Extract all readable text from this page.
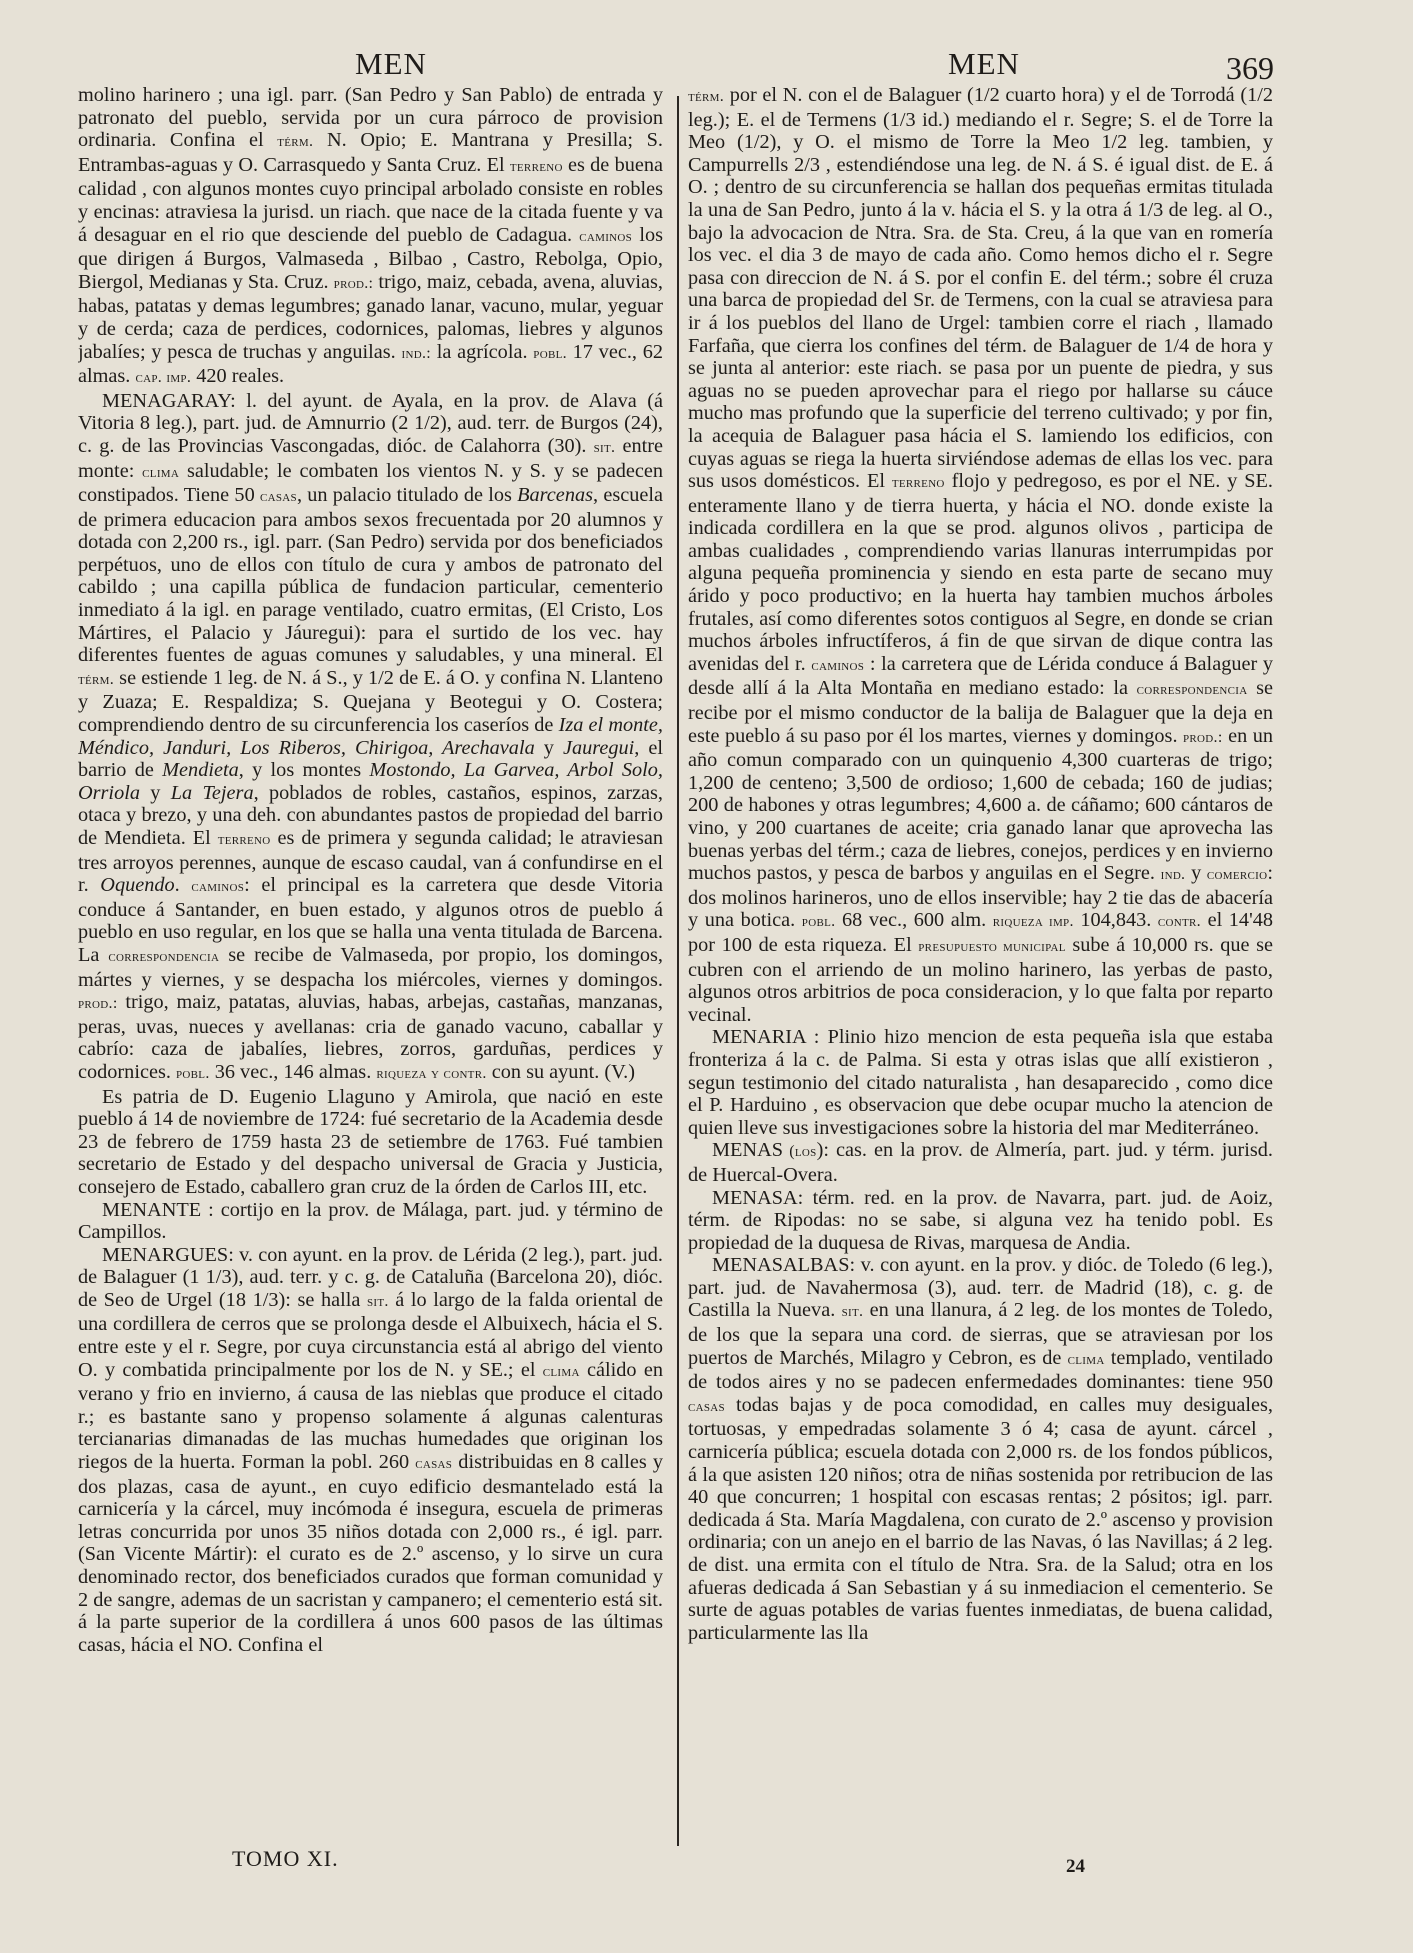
MEN	MEN	369

molino harinero ; una igl. parr. (San Pedro y San Pablo) de entrada y patronato del pueblo, servida por un cura párroco de provision ordinaria. Confina el térm. N. Opio; E. Mantrana y Presilla; S. Entrambas-aguas y O. Carrasquedo y Santa Cruz. El terreno es de buena calidad , con algunos montes cuyo principal arbolado consiste en robles y encinas: atraviesa la jurisd. un riach. que nace de la citada fuente y va á desaguar en el rio que desciende del pueblo de Cadagua. caminos los que dirigen á Burgos, Valmaseda , Bilbao , Castro, Rebolga, Opio, Biergol, Medianas y Sta. Cruz. prod.: trigo, maiz, cebada, avena, aluvias, habas, patatas y demas legumbres; ganado lanar, vacuno, mular, yeguar y de cerda; caza de perdices, codornices, palomas, liebres y algunos jabalíes; y pesca de truchas y anguilas. ind.: la agrícola. pobl. 17 vec., 62 almas. cap. imp. 420 reales.

MENAGARAY: l. del ayunt. de Ayala, en la prov. de Alava (á Vitoria 8 leg.), part. jud. de Amnurrio (2 1/2), aud. terr. de Burgos (24), c. g. de las Provincias Vascongadas, dióc. de Calahorra (30). sit. entre monte: clima saludable; le combaten los vientos N. y S. y se padecen constipados. Tiene 50 casas, un palacio titulado de los Barcenas, escuela de primera educacion para ambos sexos frecuentada por 20 alumnos y dotada con 2,200 rs., igl. parr. (San Pedro) servida por dos beneficiados perpétuos, uno de ellos con título de cura y ambos de patronato del cabildo ; una capilla pública de fundacion particular, cementerio inmediato á la igl. en parage ventilado, cuatro ermitas, (El Cristo, Los Mártires, el Palacio y Jáuregui): para el surtido de los vec. hay diferentes fuentes de aguas comunes y saludables, y una mineral. El térm. se estiende 1 leg. de N. á S., y 1/2 de E. á O. y confina N. Llanteno y Zuaza; E. Respaldiza; S. Quejana y Beotegui y O. Costera; comprendiendo dentro de su circunferencia los caseríos de Iza el monte, Méndico, Janduri, Los Riberos, Chirigoa, Arechavala y Jauregui, el barrio de Mendieta, y los montes Mostondo, La Garvea, Arbol Solo, Orriola y La Tejera, poblados de robles, castaños, espinos, zarzas, otaca y brezo, y una deh. con abundantes pastos de propiedad del barrio de Mendieta. El terreno es de primera y segunda calidad; le atraviesan tres arroyos perennes, aunque de escaso caudal, van á confundirse en el r. Oquendo. caminos: el principal es la carretera que desde Vitoria conduce á Santander, en buen estado, y algunos otros de pueblo á pueblo en uso regular, en los que se halla una venta titulada de Barcena. La correspondencia se recibe de Valmaseda, por propio, los domingos, mártes y viernes, y se despacha los miércoles, viernes y domingos. prod.: trigo, maiz, patatas, aluvias, habas, arbejas, castañas, manzanas, peras, uvas, nueces y avellanas: cria de ganado vacuno, caballar y cabrío: caza de jabalíes, liebres, zorros, garduñas, perdices y codornices. pobl. 36 vec., 146 almas. riqueza y contr. con su ayunt. (V.)

Es patria de D. Eugenio Llaguno y Amirola, que nació en este pueblo á 14 de noviembre de 1724: fué secretario de la Academia desde 23 de febrero de 1759 hasta 23 de setiembre de 1763. Fué tambien secretario de Estado y del despacho universal de Gracia y Justicia, consejero de Estado, caballero gran cruz de la órden de Carlos III, etc.

MENANTE : cortijo en la prov. de Málaga, part. jud. y término de Campillos.

MENARGUES: v. con ayunt. en la prov. de Lérida (2 leg.), part. jud. de Balaguer (1 1/3), aud. terr. y c. g. de Cataluña (Barcelona 20), dióc. de Seo de Urgel (18 1/3): se halla sit. á lo largo de la falda oriental de una cordillera de cerros que se prolonga desde el Albuixech, hácia el S. entre este y el r. Segre, por cuya circunstancia está al abrigo del viento O. y combatida principalmente por los de N. y SE.; el clima cálido en verano y frio en invierno, á causa de las nieblas que produce el citado r.; es bastante sano y propenso solamente á algunas calenturas tercianarias dimanadas de las muchas humedades que originan los riegos de la huerta. Forman la pobl. 260 casas distribuidas en 8 calles y dos plazas, casa de ayunt., en cuyo edificio desmantelado está la carnicería y la cárcel, muy incómoda é insegura, escuela de primeras letras concurrida por unos 35 niños dotada con 2,000 rs., é igl. parr. (San Vicente Mártir): el curato es de 2.º ascenso, y lo sirve un cura denominado rector, dos beneficiados curados que forman comunidad y 2 de sangre, ademas de un sacristan y campanero; el cementerio está sit. á la parte superior de la cordillera á unos 600 pasos de las últimas casas, hácia el NO. Confina el

térm. por el N. con el de Balaguer (1/2 cuarto hora) y el de Torrodá (1/2 leg.); E. el de Termens (1/3 id.) mediando el r. Segre; S. el de Torre la Meo (1/2), y O. el mismo de Torre la Meo 1/2 leg. tambien, y Campurrells 2/3 , estendiéndose una leg. de N. á S. é igual dist. de E. á O. ; dentro de su circunferencia se hallan dos pequeñas ermitas titulada la una de San Pedro, junto á la v. hácia el S. y la otra á 1/3 de leg. al O., bajo la advocacion de Ntra. Sra. de Sta. Creu, á la que van en romería los vec. el dia 3 de mayo de cada año. Como hemos dicho el r. Segre pasa con direccion de N. á S. por el confin E. del térm.; sobre él cruza una barca de propiedad del Sr. de Termens, con la cual se atraviesa para ir á los pueblos del llano de Urgel: tambien corre el riach , llamado Farfaña, que cierra los confines del térm. de Balaguer de 1/4 de hora y se junta al anterior: este riach. se pasa por un puente de piedra, y sus aguas no se pueden aprovechar para el riego por hallarse su cáuce mucho mas profundo que la superficie del terreno cultivado; y por fin, la acequia de Balaguer pasa hácia el S. lamiendo los edificios, con cuyas aguas se riega la huerta sirviéndose ademas de ellas los vec. para sus usos domésticos. El terreno flojo y pedregoso, es por el NE. y SE. enteramente llano y de tierra huerta, y hácia el NO. donde existe la indicada cordillera en la que se prod. algunos olivos , participa de ambas cualidades , comprendiendo varias llanuras interrumpidas por alguna pequeña prominencia y siendo en esta parte de secano muy árido y poco productivo; en la huerta hay tambien muchos árboles frutales, así como diferentes sotos contiguos al Segre, en donde se crian muchos árboles infructíferos, á fin de que sirvan de dique contra las avenidas del r. caminos : la carretera que de Lérida conduce á Balaguer y desde allí á la Alta Montaña en mediano estado: la correspondencia se recibe por el mismo conductor de la balija de Balaguer que la deja en este pueblo á su paso por él los martes, viernes y domingos. prod.: en un año comun comparado con un quinquenio 4,300 cuarteras de trigo; 1,200 de centeno; 3,500 de ordioso; 1,600 de cebada; 160 de judias; 200 de habones y otras legumbres; 4,600 a. de cáñamo; 600 cántaros de vino, y 200 cuartanes de aceite; cria ganado lanar que aprovecha las buenas yerbas del térm.; caza de liebres, conejos, perdices y en invierno muchos pastos, y pesca de barbos y anguilas en el Segre. ind. y comercio: dos molinos harineros, uno de ellos inservible; hay 2 tie das de abacería y una botica. pobl. 68 vec., 600 alm. riqueza imp. 104,843. contr. el 14'48 por 100 de esta riqueza. El presupuesto municipal sube á 10,000 rs. que se cubren con el arriendo de un molino harinero, las yerbas de pasto, algunos otros arbitrios de poca consideracion, y lo que falta por reparto vecinal.

MENARIA : Plinio hizo mencion de esta pequeña isla que estaba fronteriza á la c. de Palma. Si esta y otras islas que allí existieron , segun testimonio del citado naturalista , han desaparecido , como dice el P. Harduino , es observacion que debe ocupar mucho la atencion de quien lleve sus investigaciones sobre la historia del mar Mediterráneo.

MENAS (los): cas. en la prov. de Almería, part. jud. y térm. jurisd. de Huercal-Overa.

MENASA: térm. red. en la prov. de Navarra, part. jud. de Aoiz, térm. de Ripodas: no se sabe, si alguna vez ha tenido pobl. Es propiedad de la duquesa de Rivas, marquesa de Andia.

MENASALBAS: v. con ayunt. en la prov. y dióc. de Toledo (6 leg.), part. jud. de Navahermosa (3), aud. terr. de Madrid (18), c. g. de Castilla la Nueva. sit. en una llanura, á 2 leg. de los montes de Toledo, de los que la separa una cord. de sierras, que se atraviesan por los puertos de Marchés, Milagro y Cebron, es de clima templado, ventilado de todos aires y no se padecen enfermedades dominantes: tiene 950 casas todas bajas y de poca comodidad, en calles muy desiguales, tortuosas, y empedradas solamente 3 ó 4; casa de ayunt. cárcel , carnicería pública; escuela dotada con 2,000 rs. de los fondos públicos, á la que asisten 120 niños; otra de niñas sostenida por retribucion de las 40 que concurren; 1 hospital con escasas rentas; 2 pósitos; igl. parr. dedicada á Sta. María Magdalena, con curato de 2.º ascenso y provision ordinaria; con un anejo en el barrio de las Navas, ó las Navillas; á 2 leg. de dist. una ermita con el título de Ntra. Sra. de la Salud; otra en los afueras dedicada á San Sebastian y á su inmediacion el cementerio. Se surte de aguas potables de varias fuentes inmediatas, de buena calidad, particularmente las lla

TOMO XI.	24
